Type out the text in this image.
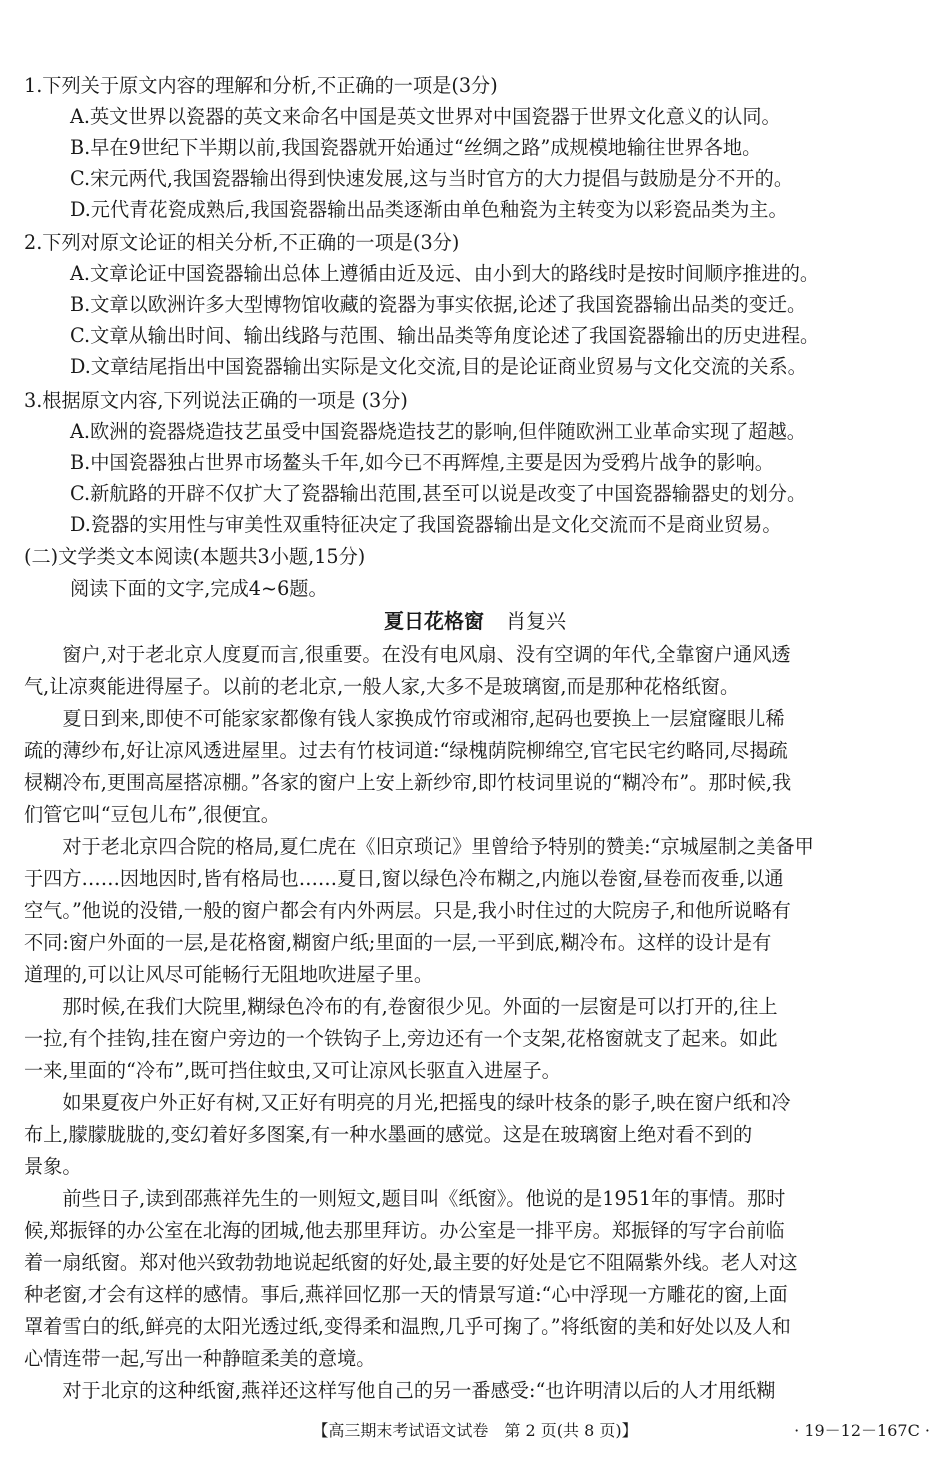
1.下列关于原文内容的理解和分析,不正确的一项是(3分)
A.英文世界以瓷器的英文来命名中国是英文世界对中国瓷器于世界文化意义的认同。
B.早在9世纪下半期以前,我国瓷器就开始通过“丝绸之路”成规模地输往世界各地。
C.宋元两代,我国瓷器输出得到快速发展,这与当时官方的大力提倡与鼓励是分不开的。
D.元代青花瓷成熟后,我国瓷器输出品类逐渐由单色釉瓷为主转变为以彩瓷品类为主。
2.下列对原文论证的相关分析,不正确的一项是(3分)
A.文章论证中国瓷器输出总体上遵循由近及远、由小到大的路线时是按时间顺序推进的。
B.文章以欧洲许多大型博物馆收藏的瓷器为事实依据,论述了我国瓷器输出品类的变迁。
C.文章从输出时间、输出线路与范围、输出品类等角度论述了我国瓷器输出的历史进程。
D.文章结尾指出中国瓷器输出实际是文化交流,目的是论证商业贸易与文化交流的关系。
3.根据原文内容,下列说法正确的一项是 (3分)
A.欧洲的瓷器烧造技艺虽受中国瓷器烧造技艺的影响,但伴随欧洲工业革命实现了超越。
B.中国瓷器独占世界市场鳌头千年,如今已不再辉煌,主要是因为受鸦片战争的影响。
C.新航路的开辟不仅扩大了瓷器输出范围,甚至可以说是改变了中国瓷器输器史的划分。
D.瓷器的实用性与审美性双重特征决定了我国瓷器输出是文化交流而不是商业贸易。
(二)文学类文本阅读(本题共3小题,15分)
阅读下面的文字,完成4~6题。
夏日花格窗 肖复兴
　　窗户,对于老北京人度夏而言,很重要。在没有电风扇、没有空调的年代,全靠窗户通风透
气,让凉爽能进得屋子。以前的老北京,一般人家,大多不是玻璃窗,而是那种花格纸窗。
　　夏日到来,即使不可能家家都像有钱人家换成竹帘或湘帘,起码也要换上一层窟窿眼儿稀
疏的薄纱布,好让凉风透进屋里。过去有竹枝词道:“绿槐荫院柳绵空,官宅民宅约略同,尽揭疏
棂糊冷布,更围高屋搭凉棚。”各家的窗户上安上新纱帘,即竹枝词里说的“糊冷布”。那时候,我
们管它叫“豆包儿布”,很便宜。
　　对于老北京四合院的格局,夏仁虎在《旧京琐记》里曾给予特别的赞美:“京城屋制之美备甲
于四方……因地因时,皆有格局也……夏日,窗以绿色冷布糊之,内施以卷窗,昼卷而夜垂,以通
空气。”他说的没错,一般的窗户都会有内外两层。只是,我小时住过的大院房子,和他所说略有
不同:窗户外面的一层,是花格窗,糊窗户纸;里面的一层,一平到底,糊冷布。这样的设计是有
道理的,可以让风尽可能畅行无阻地吹进屋子里。
　　那时候,在我们大院里,糊绿色冷布的有,卷窗很少见。外面的一层窗是可以打开的,往上
一拉,有个挂钩,挂在窗户旁边的一个铁钩子上,旁边还有一个支架,花格窗就支了起来。如此
一来,里面的“冷布”,既可挡住蚊虫,又可让凉风长驱直入进屋子。
　　如果夏夜户外正好有树,又正好有明亮的月光,把摇曳的绿叶枝条的影子,映在窗户纸和冷
布上,朦朦胧胧的,变幻着好多图案,有一种水墨画的感觉。这是在玻璃窗上绝对看不到的
景象。
　　前些日子,读到邵燕祥先生的一则短文,题目叫《纸窗》。他说的是1951年的事情。那时
候,郑振铎的办公室在北海的团城,他去那里拜访。办公室是一排平房。郑振铎的写字台前临
着一扇纸窗。郑对他兴致勃勃地说起纸窗的好处,最主要的好处是它不阻隔紫外线。老人对这
种老窗,才会有这样的感情。事后,燕祥回忆那一天的情景写道:“心中浮现一方雕花的窗,上面
罩着雪白的纸,鲜亮的太阳光透过纸,变得柔和温煦,几乎可掬了。”将纸窗的美和好处以及人和
心情连带一起,写出一种静暄柔美的意境。
　　对于北京的这种纸窗,燕祥还这样写他自己的另一番感受:“也许明清以后的人才用纸糊
【高三期末考试语文试卷　第 2 页(共 8 页)】	· 19－12－167C ·
